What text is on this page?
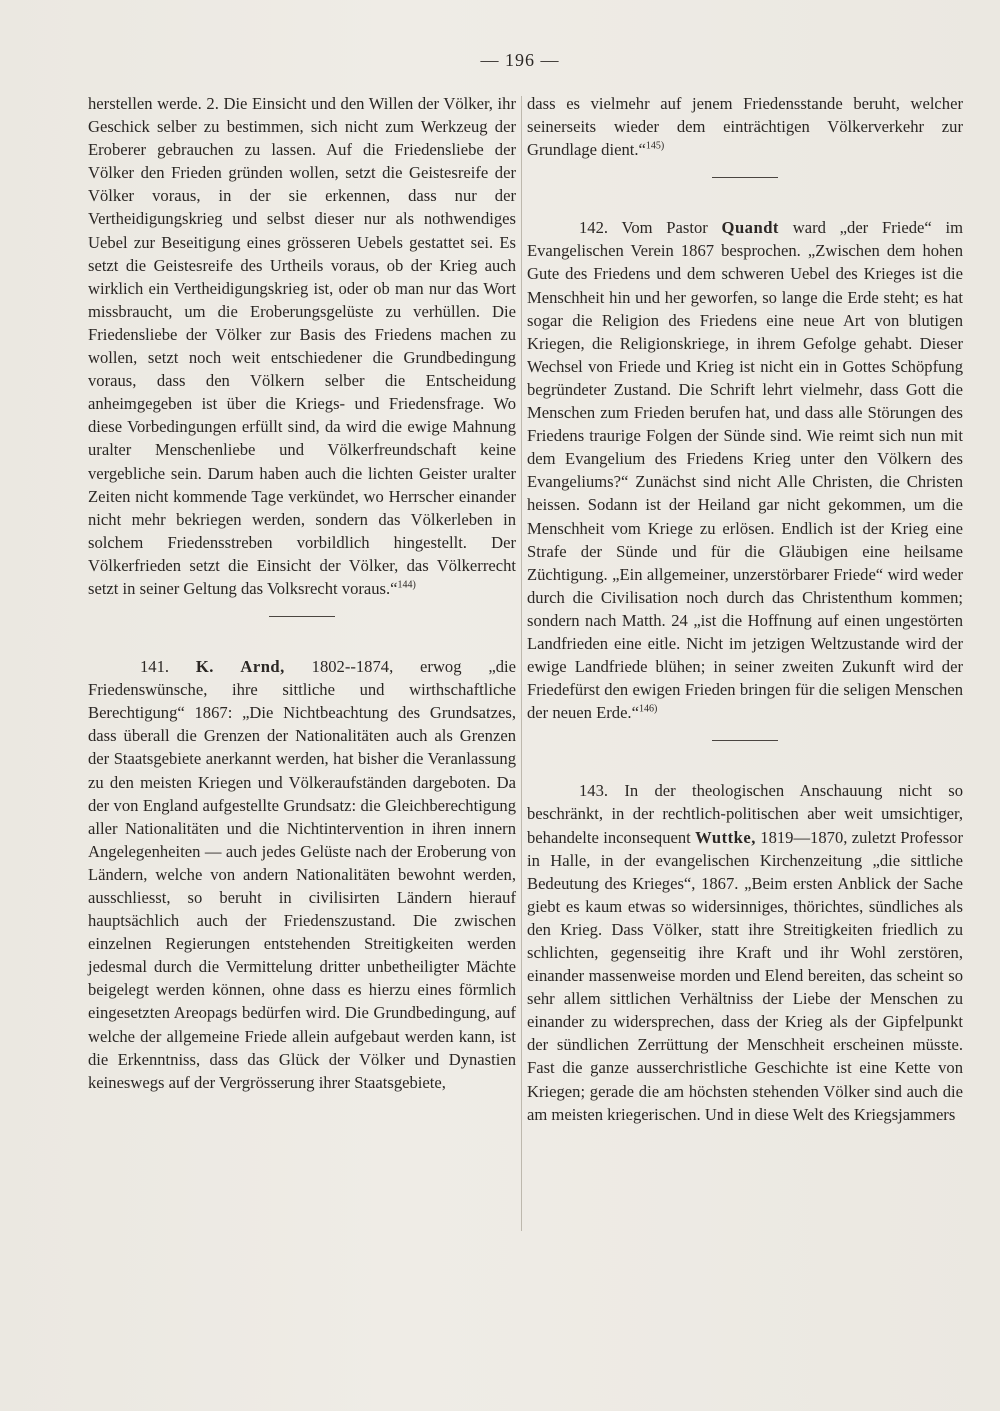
— 196 —

herstellen werde. 2. Die Einsicht und den Willen der Völker, ihr Geschick selber zu bestimmen, sich nicht zum Werkzeug der Eroberer gebrauchen zu lassen. Auf die Friedensliebe der Völker den Frieden gründen wollen, setzt die Geistesreife der Völker voraus, in der sie erkennen, dass nur der Vertheidigungskrieg und selbst dieser nur als nothwendiges Uebel zur Beseitigung eines grösseren Uebels gestattet sei. Es setzt die Geistesreife des Urtheils voraus, ob der Krieg auch wirklich ein Vertheidigungskrieg ist, oder ob man nur das Wort missbraucht, um die Eroberungsgelüste zu verhüllen. Die Friedensliebe der Völker zur Basis des Friedens machen zu wollen, setzt noch weit entschiedener die Grundbedingung voraus, dass den Völkern selber die Entscheidung anheimgegeben ist über die Kriegs- und Friedensfrage. Wo diese Vorbedingungen erfüllt sind, da wird die ewige Mahnung uralter Menschenliebe und Völkerfreundschaft keine vergebliche sein. Darum haben auch die lichten Geister uralter Zeiten nicht kommende Tage verkündet, wo Herrscher einander nicht mehr bekriegen werden, sondern das Völkerleben in solchem Friedensstreben vorbildlich hingestellt. Der Völkerfrieden setzt die Einsicht der Völker, das Völkerrecht setzt in seiner Geltung das Volksrecht voraus.“$^{144)}$

141. K. Arnd, 1802--1874, erwog „die Friedenswünsche, ihre sittliche und wirthschaftliche Berechtigung“ 1867: „Die Nichtbeachtung des Grundsatzes, dass überall die Grenzen der Nationalitäten auch als Grenzen der Staatsgebiete anerkannt werden, hat bisher die Veranlassung zu den meisten Kriegen und Völkeraufständen dargeboten. Da der von England aufgestellte Grundsatz: die Gleichberechtigung aller Nationalitäten und die Nichtintervention in ihren innern Angelegenheiten — auch jedes Gelüste nach der Eroberung von Ländern, welche von andern Nationalitäten bewohnt werden, ausschliesst, so beruht in civilisirten Ländern hierauf hauptsächlich auch der Friedenszustand. Die zwischen einzelnen Regierungen entstehenden Streitigkeiten werden jedesmal durch die Vermittelung dritter unbetheiligter Mächte beigelegt werden können, ohne dass es hierzu eines förmlich eingesetzten Areopags bedürfen wird. Die Grundbedingung, auf welche der allgemeine Friede allein aufgebaut werden kann, ist die Erkenntniss, dass das Glück der Völker und Dynastien keineswegs auf der Vergrösserung ihrer Staatsgebiete,

dass es vielmehr auf jenem Friedensstande beruht, welcher seinerseits wieder dem einträchtigen Völkerverkehr zur Grundlage dient.“$^{145)}$

142. Vom Pastor Quandt ward „der Friede“ im Evangelischen Verein 1867 besprochen. „Zwischen dem hohen Gute des Friedens und dem schweren Uebel des Krieges ist die Menschheit hin und her geworfen, so lange die Erde steht; es hat sogar die Religion des Friedens eine neue Art von blutigen Kriegen, die Religionskriege, in ihrem Gefolge gehabt. Dieser Wechsel von Friede und Krieg ist nicht ein in Gottes Schöpfung begründeter Zustand. Die Schrift lehrt vielmehr, dass Gott die Menschen zum Frieden berufen hat, und dass alle Störungen des Friedens traurige Folgen der Sünde sind. Wie reimt sich nun mit dem Evangelium des Friedens Krieg unter den Völkern des Evangeliums?“ Zunächst sind nicht Alle Christen, die Christen heissen. Sodann ist der Heiland gar nicht gekommen, um die Menschheit vom Kriege zu erlösen. Endlich ist der Krieg eine Strafe der Sünde und für die Gläubigen eine heilsame Züchtigung. „Ein allgemeiner, unzerstörbarer Friede“ wird weder durch die Civilisation noch durch das Christenthum kommen; sondern nach Matth. 24 „ist die Hoffnung auf einen ungestörten Landfrieden eine eitle. Nicht im jetzigen Weltzustande wird der ewige Landfriede blühen; in seiner zweiten Zukunft wird der Friedefürst den ewigen Frieden bringen für die seligen Menschen der neuen Erde.“$^{146)}$

143. In der theologischen Anschauung nicht so beschränkt, in der rechtlich-politischen aber weit umsichtiger, behandelte inconsequent Wuttke, 1819—1870, zuletzt Professor in Halle, in der evangelischen Kirchenzeitung „die sittliche Bedeutung des Krieges“, 1867. „Beim ersten Anblick der Sache giebt es kaum etwas so widersinniges, thörichtes, sündliches als den Krieg. Dass Völker, statt ihre Streitigkeiten friedlich zu schlichten, gegenseitig ihre Kraft und ihr Wohl zerstören, einander massenweise morden und Elend bereiten, das scheint so sehr allem sittlichen Verhältniss der Liebe der Menschen zu einander zu widersprechen, dass der Krieg als der Gipfelpunkt der sündlichen Zerrüttung der Menschheit erscheinen müsste. Fast die ganze ausserchristliche Geschichte ist eine Kette von Kriegen; gerade die am höchsten stehenden Völker sind auch die am meisten kriegerischen. Und in diese Welt des Kriegsjammers
